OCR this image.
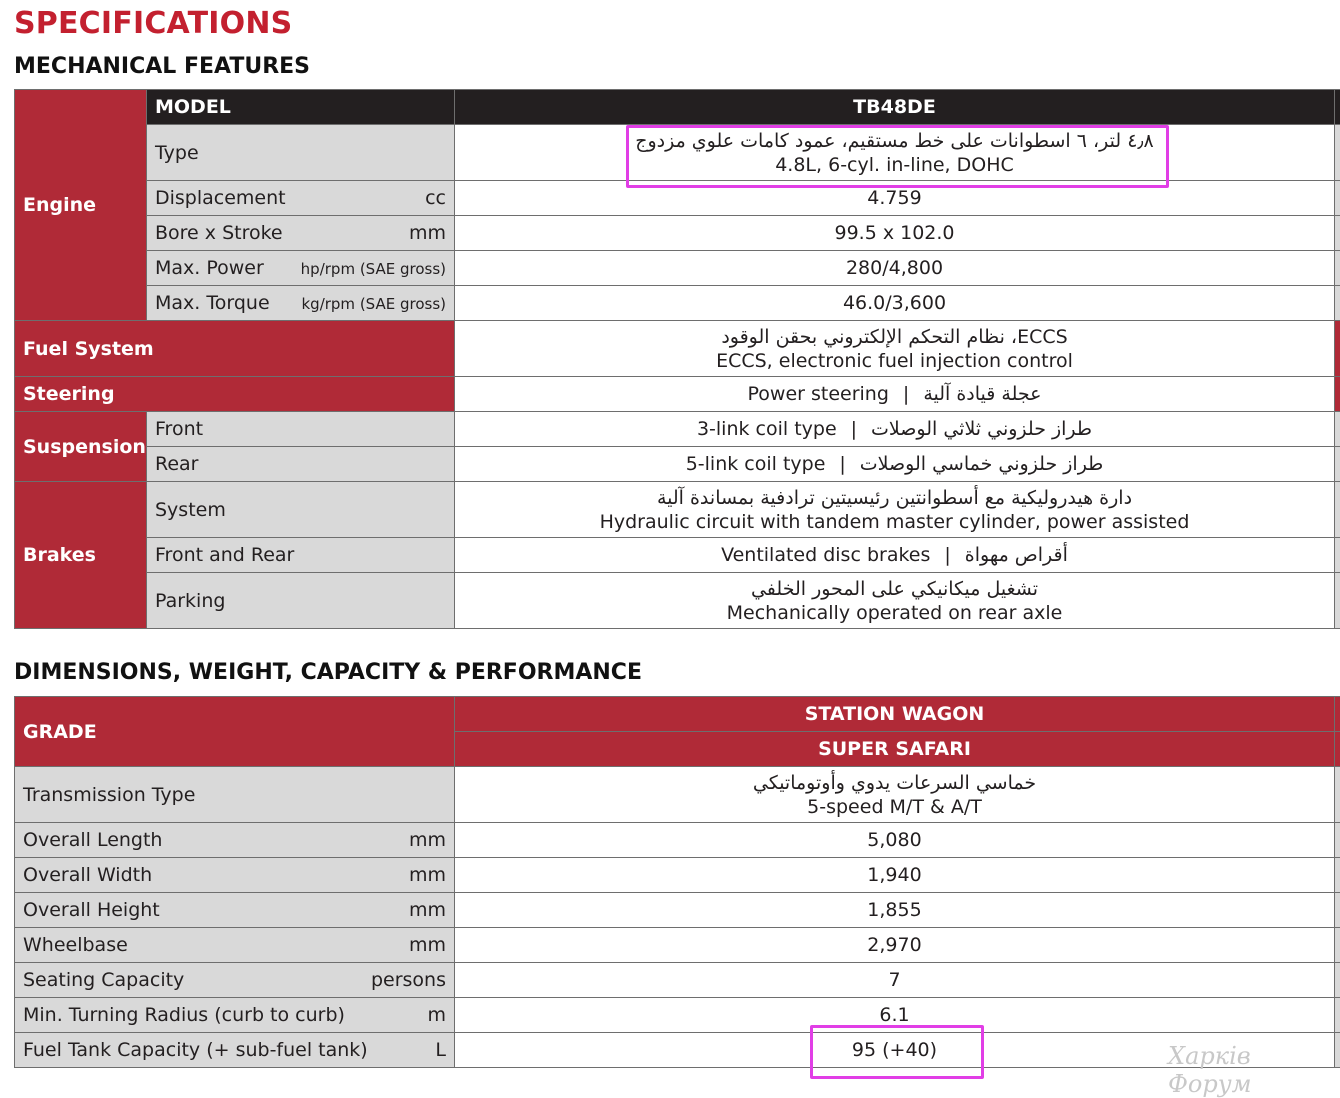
SPECIFICATIONS
MECHANICAL FEATURES
Engine	MODEL	TB48DE	
	Type	٤٫٨ لتر، ٦ اسطوانات على خط مستقيم، عمود كامات علوي مزدوج
4.8L, 6-cyl. in-line, DOHC	

	Displacement cc	4.759	
	Bore x Stroke mm	99.5 x 102.0	
	Max. Power hp/rpm (SAE gross)	280/4,800	
	Max. Torque kg/rpm (SAE gross)	46.0/3,600	
Fuel System		ECCS، نظام التحكم الإلكتروني بحقن الوقود
ECCS, electronic fuel injection control	

Steering		Power steering | عجلة قيادة آلية	
Suspension	Front	3-link coil type | طراز حلزوني ثلاثي الوصلات	
	Rear	5-link coil type | طراز حلزوني خماسي الوصلات	
Brakes	System	دارة هيدروليكية مع أسطوانتين رئيسيتين ترادفية بمساندة آلية
Hydraulic circuit with tandem master cylinder, power assisted	

	Front and Rear	Ventilated disc brakes | أقراص مهواة	
	Parking	تشغيل ميكانيكي على المحور الخلفي
Mechanically operated on rear axle	

DIMENSIONS, WEIGHT, CAPACITY & PERFORMANCE
GRADE	STATION WAGON	
	SUPER SAFARI	
Transmission Type	خماسي السرعات يدوي وأوتوماتيكي
5-speed M/T & A/T	

Overall Length mm	5,080	
Overall Width mm	1,940	
Overall Height mm	1,855	
Wheelbase mm	2,970	
Seating Capacity persons	7	
Min. Turning Radius (curb to curb) m	6.1	
Fuel Tank Capacity (+ sub-fuel tank) L	95 (+40)		Харків Форум
